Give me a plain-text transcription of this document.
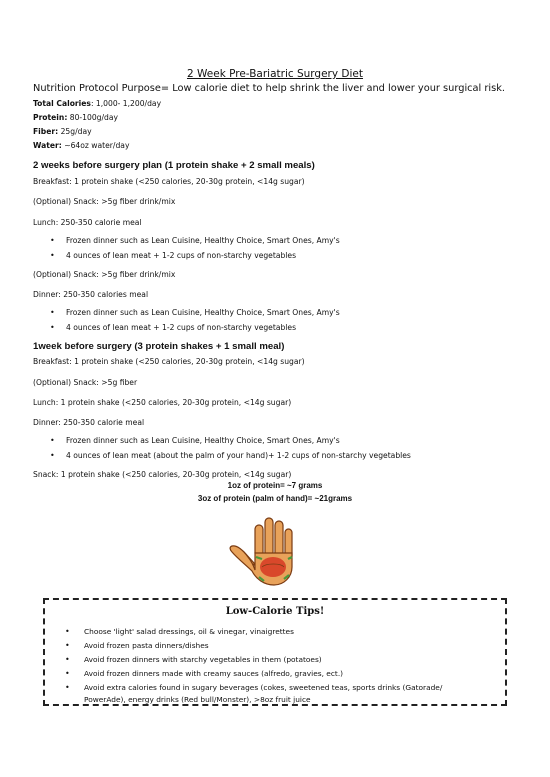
2 Week Pre-Bariatric Surgery Diet
Nutrition Protocol Purpose= Low calorie diet to help shrink the liver and lower your surgical risk.
Total Calories: 1,000- 1,200/day
Protein: 80-100g/day
Fiber: 25g/day
Water: ~64oz water/day
2 weeks before surgery plan (1 protein shake + 2 small meals)
Breakfast: 1 protein shake (<250 calories, 20-30g protein, <14g sugar)
(Optional) Snack: >5g fiber drink/mix
Lunch: 250-350 calorie meal
• Frozen dinner such as Lean Cuisine, Healthy Choice, Smart Ones, Amy's
• 4 ounces of lean meat + 1-2 cups of non-starchy vegetables
(Optional) Snack: >5g fiber drink/mix
Dinner: 250-350 calories meal
• Frozen dinner such as Lean Cuisine, Healthy Choice, Smart Ones, Amy's
• 4 ounces of lean meat + 1-2 cups of non-starchy vegetables
1week before surgery (3 protein shakes + 1 small meal)
Breakfast: 1 protein shake (<250 calories, 20-30g protein, <14g sugar)
(Optional) Snack: >5g fiber
Lunch: 1 protein shake (<250 calories, 20-30g protein, <14g sugar)
Dinner: 250-350 calorie meal
• Frozen dinner such as Lean Cuisine, Healthy Choice, Smart Ones, Amy's
• 4 ounces of lean meat (about the palm of your hand)+ 1-2 cups of non-starchy vegetables
Snack: 1 protein shake (<250 calories, 20-30g protein, <14g sugar)
1oz of protein= ~7 grams
3oz of protein (palm of hand)= ~21grams
Low-Calorie Tips!
• Choose 'light' salad dressings, oil & vinegar, vinaigrettes
• Avoid frozen pasta dinners/dishes
• Avoid frozen dinners with starchy vegetables in them (potatoes)
• Avoid frozen dinners made with creamy sauces (alfredo, gravies, ect.)
• Avoid extra calories found in sugary beverages (cokes, sweetened teas, sports drinks (Gatorade/
PowerAde), energy drinks (Red bull/Monster), >8oz fruit juice
